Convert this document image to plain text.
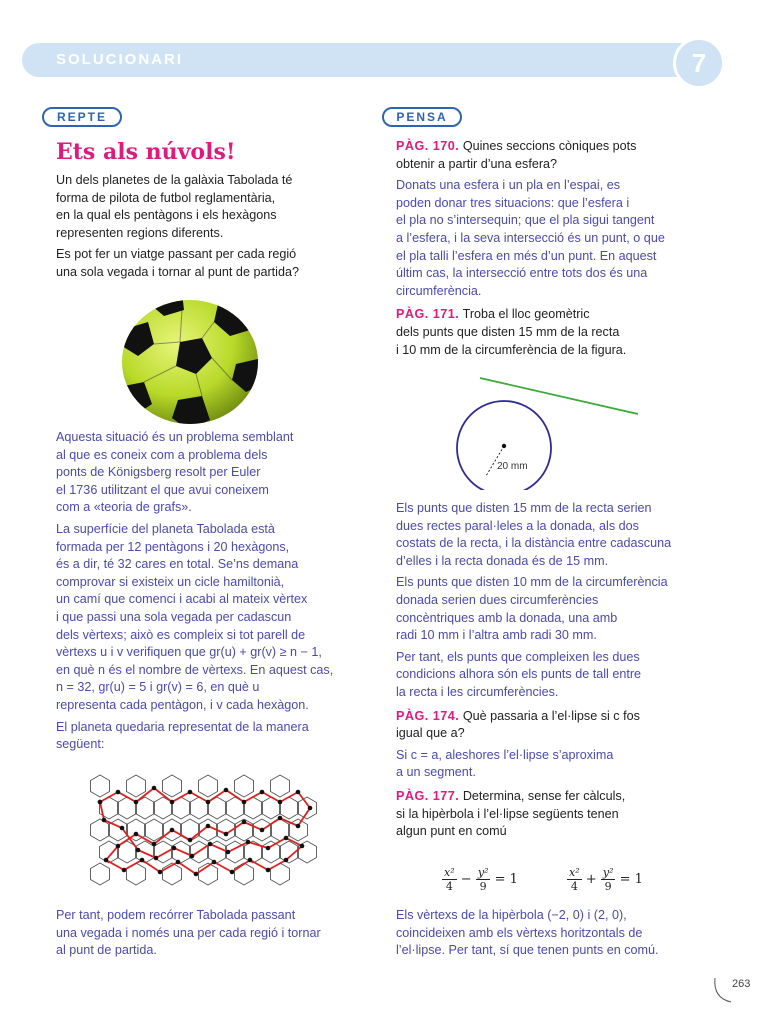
SOLUCIONARI	7
REPTE
Ets als núvols!
Un dels planetes de la galàxia Tabolada té
forma de pilota de futbol reglamentària,
en la qual els pentàgons i els hexàgons
representen regions diferents.
Es pot fer un viatge passant per cada regió
una sola vegada i tornar al punt de partida?
Aquesta situació és un problema semblant
al que es coneix com a problema dels
ponts de Königsberg resolt per Euler
el 1736 utilitzant el que avui coneixem
com a «teoria de grafs».
La superfície del planeta Tabolada està
formada per 12 pentàgons i 20 hexàgons,
és a dir, té 32 cares en total. Se’ns demana
comprovar si existeix un cicle hamiltonià,
un camí que comenci i acabi al mateix vèrtex
i que passi una sola vegada per cadascun
dels vèrtexs; això es compleix si tot parell de
vèrtexs u i v verifiquen que gr(u) + gr(v) ≥ n − 1,
en què n és el nombre de vèrtexs. En aquest cas,
n = 32, gr(u) = 5 i gr(v) = 6, en què u
representa cada pentàgon, i v cada hexàgon.
El planeta quedaria representat de la manera
següent:
Per tant, podem recórrer Tabolada passant
una vegada i només una per cada regió i tornar
al punt de partida.
PENSA
PÀG. 170. Quines seccions còniques pots
obtenir a partir d’una esfera?
Donats una esfera i un pla en l’espai, es
poden donar tres situacions: que l’esfera i
el pla no s’intersequin; que el pla sigui tangent
a l’esfera, i la seva intersecció és un punt, o que
el pla talli l’esfera en més d’un punt. En aquest
últim cas, la intersecció entre tots dos és una
circumferència.
PÀG. 171. Troba el lloc geomètric
dels punts que disten 15 mm de la recta
i 10 mm de la circumferència de la figura.
20 mm
Els punts que disten 15 mm de la recta serien
dues rectes paral·leles a la donada, als dos
costats de la recta, i la distància entre cadascuna
d’elles i la recta donada és de 15 mm.
Els punts que disten 10 mm de la circumferència
donada serien dues circumferències
concèntriques amb la donada, una amb
radi 10 mm i l’altra amb radi 30 mm.
Per tant, els punts que compleixen les dues
condicions alhora són els punts de tall entre
la recta i les circumferències.
PÀG. 174. Què passaria a l’el·lipse si c fos
igual que a?
Si c = a, aleshores l’el·lipse s’aproxima
a un segment.
PÀG. 177. Determina, sense fer càlculs,
si la hipèrbola i l’el·lipse següents tenen
algun punt en comú
$\frac{\text{x²}}{4} - \frac{\text{y²}}{9} = 1$	$\frac{\text{x²}}{4} + \frac{\text{y²}}{9} = 1$
Els vèrtexs de la hipèrbola (−2, 0) i (2, 0),
coincideixen amb els vèrtexs horitzontals de
l’el·lipse. Per tant, sí que tenen punts en comú.
263
